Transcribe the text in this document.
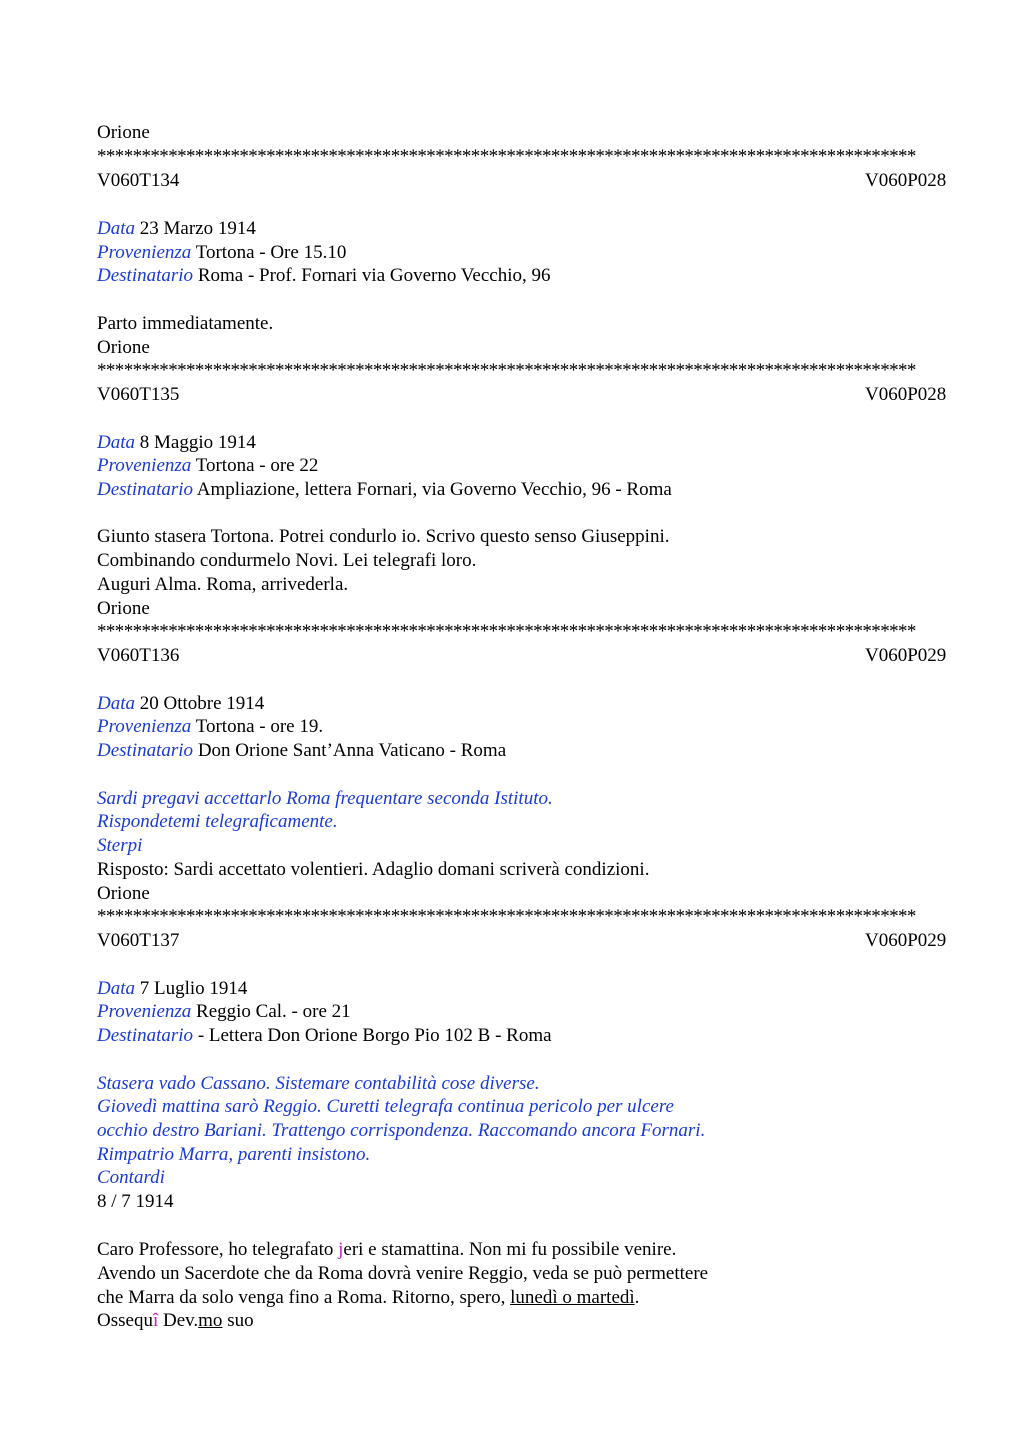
Orione
********************************************************************************************
V060T134	V060P028
Data 23 Marzo 1914
Provenienza Tortona - Ore 15.10
Destinatario Roma - Prof. Fornari via Governo Vecchio, 96
Parto immediatamente.
Orione
********************************************************************************************
V060T135	V060P028
Data 8 Maggio 1914
Provenienza Tortona - ore 22
Destinatario Ampliazione, lettera Fornari, via Governo Vecchio, 96 - Roma
Giunto stasera Tortona. Potrei condurlo io. Scrivo questo senso Giuseppini.
Combinando condurmelo Novi. Lei telegrafi loro.
Auguri Alma. Roma, arrivederla.
Orione
********************************************************************************************
V060T136	V060P029
Data 20 Ottobre 1914
Provenienza Tortona - ore 19.
Destinatario Don Orione Sant’Anna Vaticano - Roma
Sardi pregavi accettarlo Roma frequentare seconda Istituto.
Rispondetemi telegraficamente.
Sterpi
Risposto: Sardi accettato volentieri. Adaglio domani scriverà condizioni.
Orione
********************************************************************************************
V060T137	V060P029
Data 7 Luglio 1914
Provenienza Reggio Cal. - ore 21
Destinatario - Lettera Don Orione Borgo Pio 102 B - Roma
Stasera vado Cassano. Sistemare contabilità cose diverse.
Giovedì mattina sarò Reggio. Curetti telegrafa continua pericolo per ulcere
occhio destro Bariani. Trattengo corrispondenza. Raccomando ancora Fornari.
Rimpatrio Marra, parenti insistono.
Contardi
8 / 7 1914
Caro Professore, ho telegrafato jeri e stamattina. Non mi fu possibile venire.
Avendo un Sacerdote che da Roma dovrà venire Reggio, veda se può permettere
che Marra da solo venga fino a Roma. Ritorno, spero, lunedì o martedì.
Ossequî Dev.mo suo
